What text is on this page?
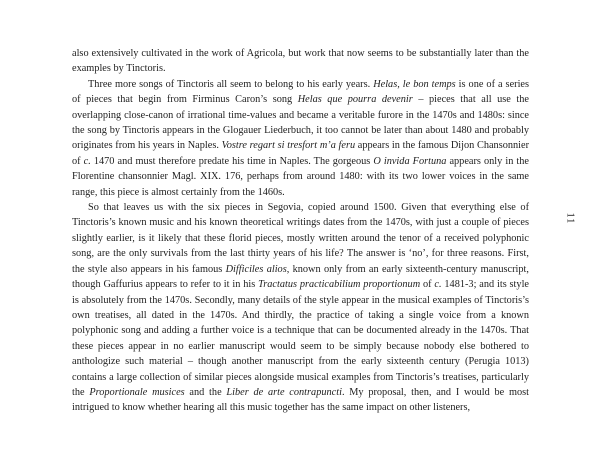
also extensively cultivated in the work of Agricola, but work that now seems to be substantially later than the examples by Tinctoris.

Three more songs of Tinctoris all seem to belong to his early years. Helas, le bon temps is one of a series of pieces that begin from Firminus Caron’s song Helas que pourra devenir – pieces that all use the overlapping close-canon of irrational time-values and became a veritable furore in the 1470s and 1480s: since the song by Tinctoris appears in the Glogauer Liederbuch, it too cannot be later than about 1480 and probably originates from his years in Naples. Vostre regart si tresfort m’a feru appears in the famous Dijon Chansonnier of c. 1470 and must therefore predate his time in Naples. The gorgeous O invida Fortuna appears only in the Florentine chansonnier Magl. XIX. 176, perhaps from around 1480: with its two lower voices in the same range, this piece is almost certainly from the 1460s.

So that leaves us with the six pieces in Segovia, copied around 1500. Given that everything else of Tinctoris’s known music and his known theoretical writings dates from the 1470s, with just a couple of pieces slightly earlier, is it likely that these florid pieces, mostly written around the tenor of a received polyphonic song, are the only survivals from the last thirty years of his life? The answer is ‘no’, for three reasons. First, the style also appears in his famous Difficiles alios, known only from an early sixteenth-century manuscript, though Gaffurius appears to refer to it in his Tractatus practicabilium proportionum of c. 1481-3; and its style is absolutely from the 1470s. Secondly, many details of the style appear in the musical examples of Tinctoris’s own treatises, all dated in the 1470s. And thirdly, the practice of taking a single voice from a known polyphonic song and adding a further voice is a technique that can be documented already in the 1470s. That these pieces appear in no earlier manuscript would seem to be simply because nobody else bothered to anthologize such material – though another manuscript from the early sixteenth century (Perugia 1013) contains a large collection of similar pieces alongside musical examples from Tinctoris’s treatises, particularly the Proportionale musices and the Liber de arte contrapuncti. My proposal, then, and I would be most intrigued to know whether hearing all this music together has the same impact on other listeners,

11
